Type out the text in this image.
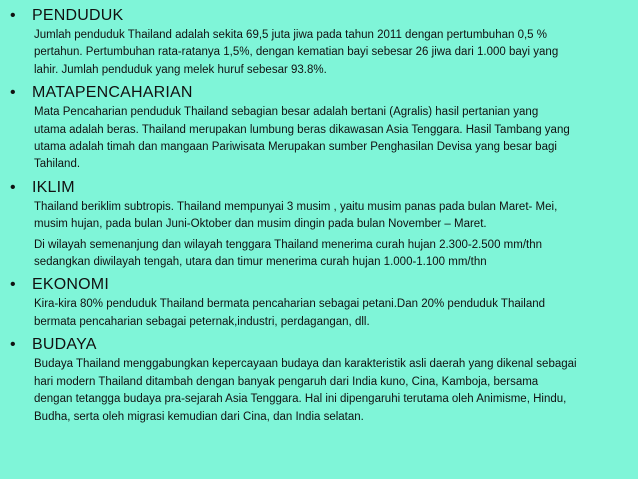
•	PENDUDUK

Jumlah penduduk Thailand adalah sekita 69,5 juta jiwa pada tahun 2011 dengan pertumbuhan 0,5 %
pertahun. Pertumbuhan rata-ratanya 1,5%, dengan kematian bayi sebesar 26 jiwa dari 1.000 bayi yang
lahir. Jumlah penduduk yang melek huruf sebesar 93.8%.

•	MATAPENCAHARIAN

Mata Pencaharian penduduk Thailand sebagian besar adalah bertani (Agralis) hasil pertanian yang
utama adalah beras. Thailand merupakan lumbung beras dikawasan Asia Tenggara. Hasil Tambang yang
utama adalah timah dan mangaan Pariwisata Merupakan sumber Penghasilan Devisa yang besar bagi
Tahiland.

•	IKLIM

Thailand beriklim subtropis. Thailand mempunyai 3 musim , yaitu musim panas pada bulan Maret- Mei,
musim hujan, pada bulan Juni-Oktober dan musim dingin pada bulan November – Maret.

Di wilayah semenanjung dan wilayah tenggara Thailand menerima curah hujan 2.300-2.500 mm/thn
sedangkan diwilayah tengah, utara dan timur menerima curah hujan 1.000-1.100 mm/thn

•	EKONOMI

Kira-kira 80% penduduk Thailand bermata pencaharian sebagai petani.Dan 20% penduduk Thailand
bermata pencaharian sebagai peternak,industri, perdagangan, dll.

•	BUDAYA

Budaya Thailand menggabungkan kepercayaan budaya dan karakteristik asli daerah yang dikenal sebagai
hari modern Thailand ditambah dengan banyak pengaruh dari India kuno, Cina, Kamboja, bersama
dengan tetangga budaya pra-sejarah Asia Tenggara. Hal ini dipengaruhi terutama oleh Animisme, Hindu,
Budha, serta oleh migrasi kemudian dari Cina, dan India selatan.
